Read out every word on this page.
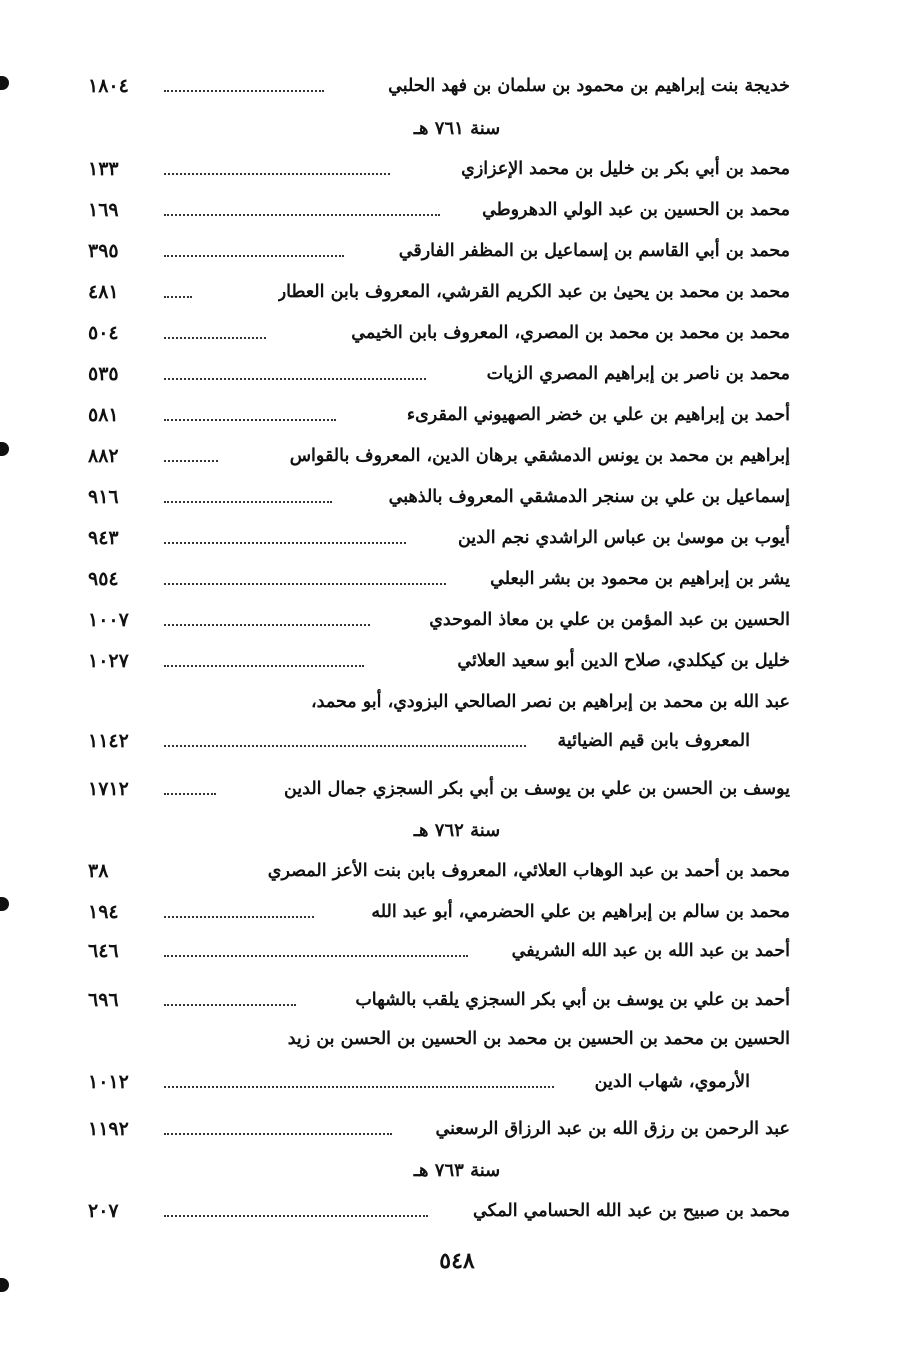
١٨٠٤	خديجة بنت إبراهيم بن محمود بن سلمان بن فهد الحلبي
سنة ٧٦١ هـ
١٣٣	محمد بن أبي بكر بن خليل بن محمد الإعزازي
١٦٩	محمد بن الحسين بن عبد الولي الدهروطي
٣٩٥	محمد بن أبي القاسم بن إسماعيل بن المظفر الفارقي
٤٨١	محمد بن محمد بن يحيىٰ بن عبد الكريم القرشي، المعروف بابن العطار
٥٠٤	محمد بن محمد بن محمد بن المصري، المعروف بابن الخيمي
٥٣٥	محمد بن ناصر بن إبراهيم المصري الزيات
٥٨١	أحمد بن إبراهيم بن علي بن خضر الصهيوني المقرىء
٨٨٢	إبراهيم بن محمد بن يونس الدمشقي برهان الدين، المعروف بالقواس
٩١٦	إسماعيل بن علي بن سنجر الدمشقي المعروف بالذهبي
٩٤٣	أيوب بن موسىٰ بن عباس الراشدي نجم الدين
٩٥٤	يشر بن إبراهيم بن محمود بن بشر البعلي
١٠٠٧	الحسين بن عبد المؤمن بن علي بن معاذ الموحدي
١٠٢٧	خليل بن كيكلدي، صلاح الدين أبو سعيد العلائي
عبد الله بن محمد بن إبراهيم بن نصر الصالحي البزودي، أبو محمد،
١١٤٢	المعروف بابن قيم الضيائية
١٧١٢	يوسف بن الحسن بن علي بن يوسف بن أبي بكر السجزي جمال الدين
سنة ٧٦٢ هـ
٣٨	محمد بن أحمد بن عبد الوهاب العلائي، المعروف بابن بنت الأعز المصري
١٩٤	محمد بن سالم بن إبراهيم بن علي الحضرمي، أبو عبد الله
٦٤٦	أحمد بن عبد الله بن عبد الله الشريفي
٦٩٦	أحمد بن علي بن يوسف بن أبي بكر السجزي يلقب بالشهاب
الحسين بن محمد بن الحسين بن محمد بن الحسين بن الحسن بن زيد
١٠١٢	الأرموي، شهاب الدين
١١٩٢	عبد الرحمن بن رزق الله بن عبد الرزاق الرسعني
سنة ٧٦٣ هـ
٢٠٧	محمد بن صبيح بن عبد الله الحسامي المكي
٥٤٨
